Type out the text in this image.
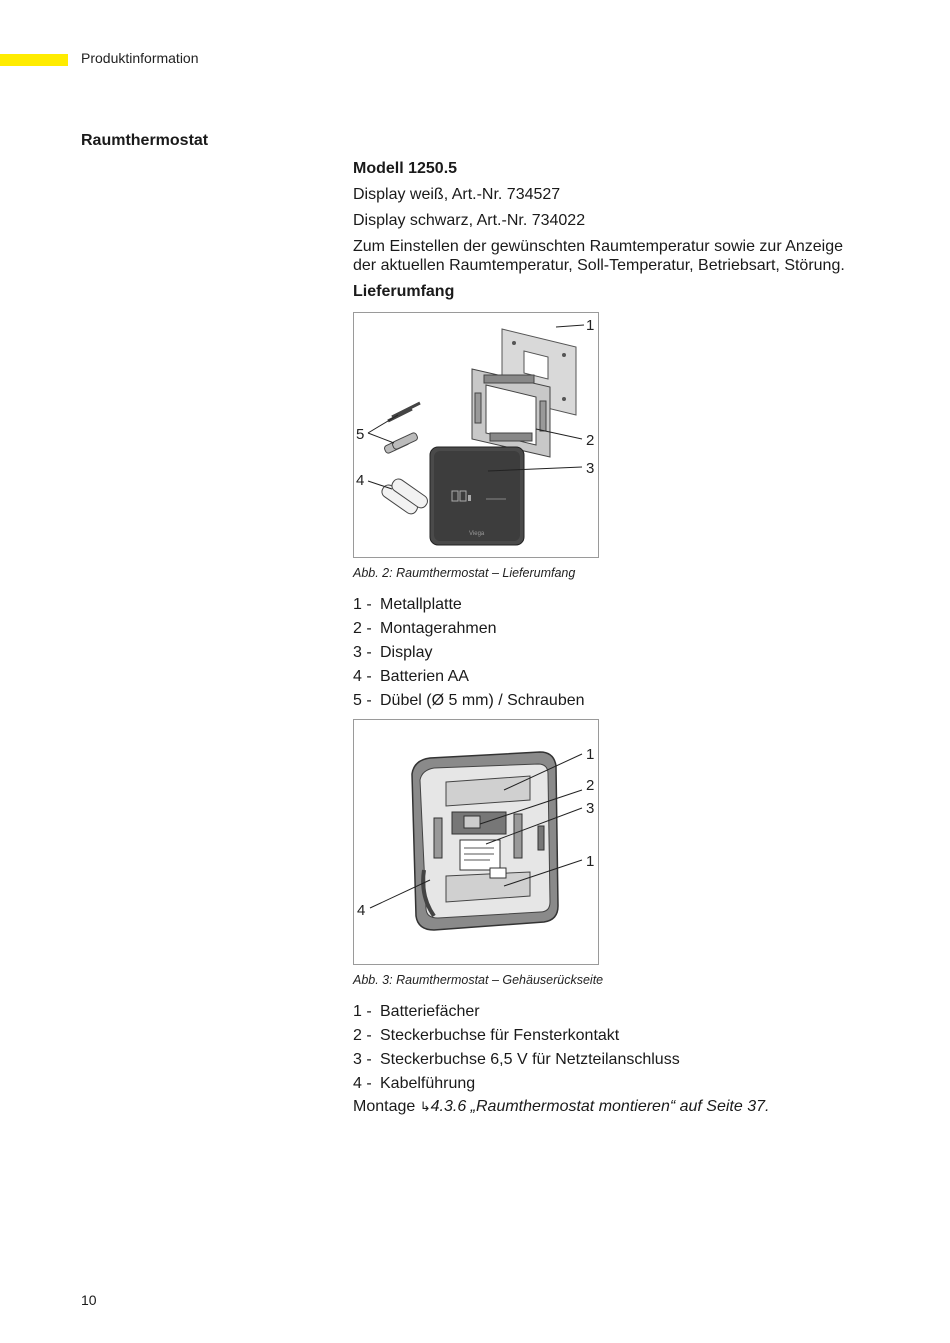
Produktinformation
Raumthermostat
Modell 1250.5
Display weiß, Art.-Nr. 734527
Display schwarz, Art.-Nr. 734022
Zum Einstellen der gewünschten Raumtemperatur sowie zur Anzeige
der aktuellen Raumtemperatur, Soll-Temperatur, Betriebsart, Störung.
Lieferumfang
Viega
1
2
3
4
5
Abb. 2: Raumthermostat – Lieferumfang
1 - Metallplatte
2 - Montagerahmen
3 - Display
4 - Batterien AA
5 - Dübel (Ø 5 mm) / Schrauben
1
2
3
1
4
Abb. 3: Raumthermostat – Gehäuserückseite
1 - Batteriefächer
2 - Steckerbuchse für Fensterkontakt
3 - Steckerbuchse 6,5 V für Netzteilanschluss
4 - Kabelführung
Montage ↳4.3.6 „Raumthermostat montieren“ auf Seite 37.
10
